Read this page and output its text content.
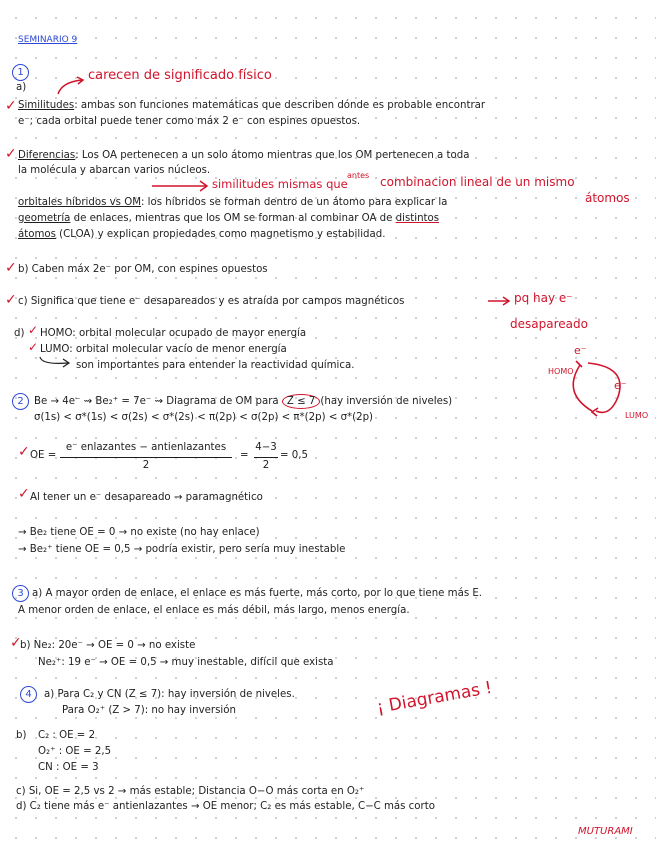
SEMINARIO 9
1
a)
carecen de significado físico
✓ Similitudes: ambas son funciones matemáticas que describen dónde es probable encontrar
e⁻; cada orbital puede tener como máx 2 e⁻ con espines opuestos.
✓ Diferencias: Los OA pertenecen a un solo átomo mientras que los OM pertenecen a toda
la molécula y abarcan varios núcleos.
similitudes mismas que
antes combinacion lineal de un mismo
átomos
orbitales híbridos vs OM: los híbridos se forman dentro de un átomo para explicar la
geometría de enlaces, mientras que los OM se forman al combinar OA de distintos
átomos (CLOA) y explican propiedades como magnetismo y estabilidad.
✓ b) Caben máx 2e⁻ por OM, con espines opuestos
✓ c) Significa que tiene e⁻ desapareados y es atraída por campos magnéticos	pq hay e⁻
desapareado
d) ✓ HOMO: orbital molecular ocupado de mayor energía
✓ LUMO: orbital molecular vacío de menor energía
son importantes para entender la reactividad química.
e⁻
HOMO
e⁻
LUMO
2	Be → 4e⁻ ⇝ Be₂⁺ = 7e⁻ ⇝ Diagrama de OM para Z ≤ 7 (hay inversión de niveles)
σ(1s) < σ*(1s) < σ(2s) < σ*(2s) < π(2p) < σ(2p) < π*(2p) < σ*(2p)
✓ OE =
e⁻ enlazantes − antienlazantes
2
=
4−3
2
= 0,5
✓ Al tener un e⁻ desapareado → paramagnético
→ Be₂ tiene OE = 0 → no existe (no hay enlace)
→ Be₂⁺ tiene OE = 0,5 → podría existir, pero sería muy inestable
3 a) A mayor orden de enlace, el enlace es más fuerte, más corto, por lo que tiene más E.
A menor orden de enlace, el enlace es más débil, más largo, menos energía.
✓
b) Ne₂: 20e⁻ → OE = 0 → no existe
Ne₂⁺: 19 e⁻ → OE = 0,5 → muy inestable, difícil que exista
4	a) Para C₂ y CN (Z ≤ 7): hay inversión de niveles.
Para O₂⁺ (Z > 7): no hay inversión	¡ Diagramas !
b) C₂ : OE = 2
O₂⁺ : OE = 2,5
CN : OE = 3
c) Si, OE = 2,5 vs 2 → más estable; Distancia O−O más corta en O₂⁺
d) C₂ tiene más e⁻ antienlazantes → OE menor; C₂ es más estable, C−C más corto
MUTURAMI
